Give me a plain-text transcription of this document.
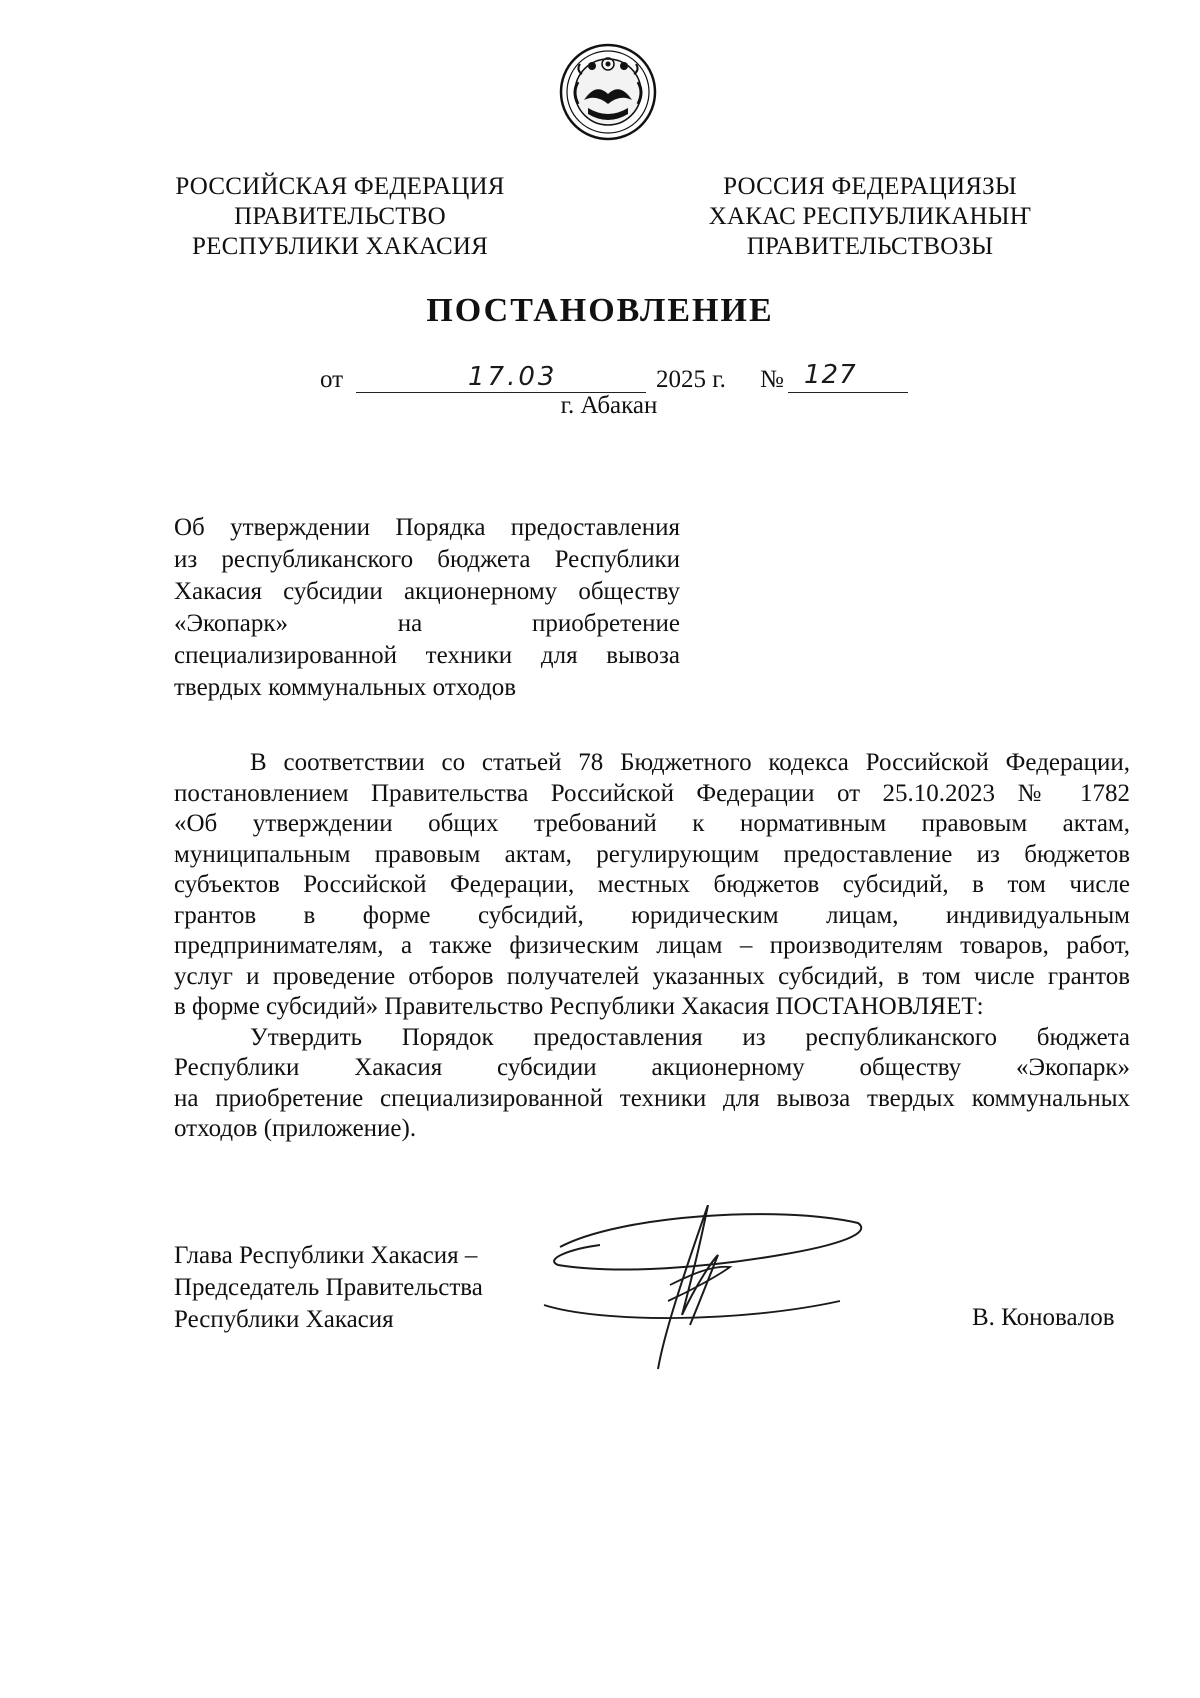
РОССИЙСКАЯ ФЕДЕРАЦИЯ
ПРАВИТЕЛЬСТВО
РЕСПУБЛИКИ ХАКАСИЯ
РОССИЯ ФЕДЕРАЦИЯЗЫ
ХАКАС РЕСПУБЛИКАНЫҤ
ПРАВИТЕЛЬСТВОЗЫ
ПОСТАНОВЛЕНИЕ
от	17.03	2025 г. № 127
г. Абакан
Об утверждении Порядка предоставления
из республиканского бюджета Республики
Хакасия субсидии акционерному обществу
«Экопарк» на приобретение
специализированной техники для вывоза
твердых коммунальных отходов
В соответствии со статьей 78 Бюджетного кодекса Российской Федерации,
постановлением Правительства Российской Федерации от 25.10.2023 № 1782
«Об утверждении общих требований к нормативным правовым актам,
муниципальным правовым актам, регулирующим предоставление из бюджетов
субъектов Российской Федерации, местных бюджетов субсидий, в том числе
грантов в форме субсидий, юридическим лицам, индивидуальным
предпринимателям, а также физическим лицам – производителям товаров, работ,
услуг и проведение отборов получателей указанных субсидий, в том числе грантов
в форме субсидий» Правительство Республики Хакасия ПОСТАНОВЛЯЕТ:
Утвердить Порядок предоставления из республиканского бюджета
Республики Хакасия субсидии акционерному обществу «Экопарк»
на приобретение специализированной техники для вывоза твердых коммунальных
отходов (приложение).
Глава Республики Хакасия –
Председатель Правительства
Республики Хакасия	В. Коновалов
